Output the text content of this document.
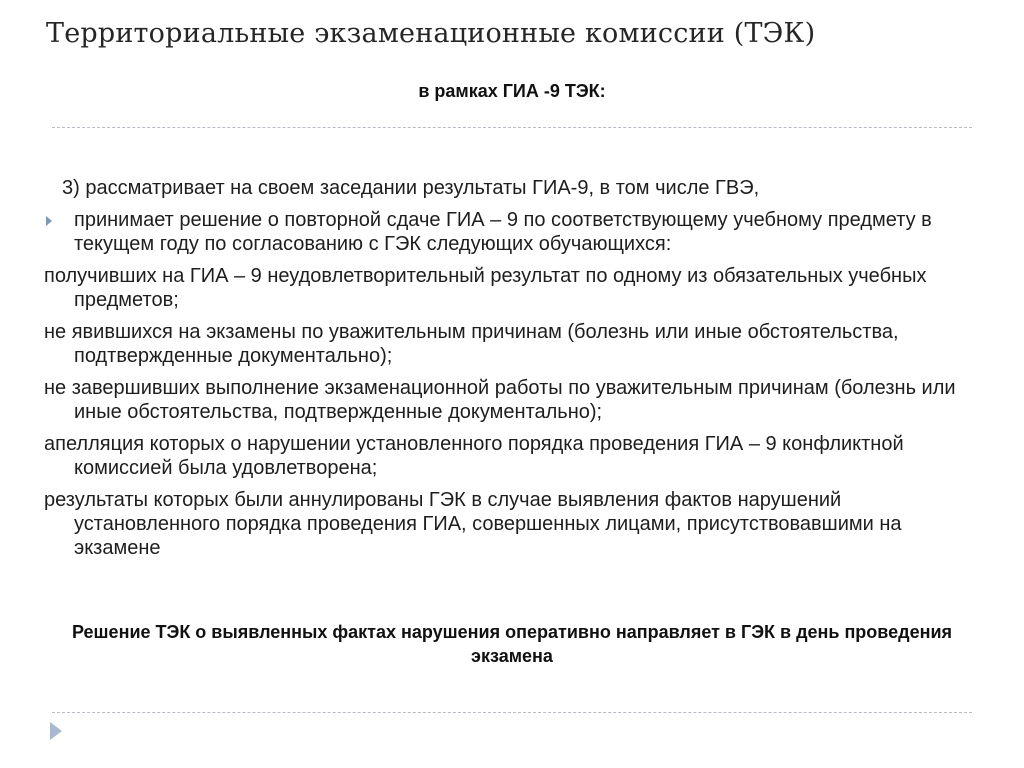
Территориальные экзаменационные комиссии (ТЭК)
в рамках ГИА -9 ТЭК:

3) рассматривает на своем заседании результаты ГИА-9, в том числе ГВЭ,

принимает решение о повторной сдаче ГИА – 9 по соответствующему учебному предмету в текущем году по согласованию с ГЭК следующих обучающихся:

получивших на ГИА – 9 неудовлетворительный результат по одному из обязательных учебных предметов;

не явившихся на экзамены по уважительным причинам (болезнь или иные обстоятельства, подтвержденные документально);

не завершивших выполнение экзаменационной работы по уважительным причинам (болезнь или иные обстоятельства, подтвержденные документально);

апелляция которых о нарушении установленного порядка проведения ГИА – 9 конфликтной комиссией была удовлетворена;

результаты которых были аннулированы ГЭК в случае выявления фактов нарушений установленного порядка проведения ГИА, совершенных лицами, присутствовавшими на экзамене

Решение ТЭК о выявленных фактах нарушения оперативно направляет в ГЭК в день проведения экзамена
